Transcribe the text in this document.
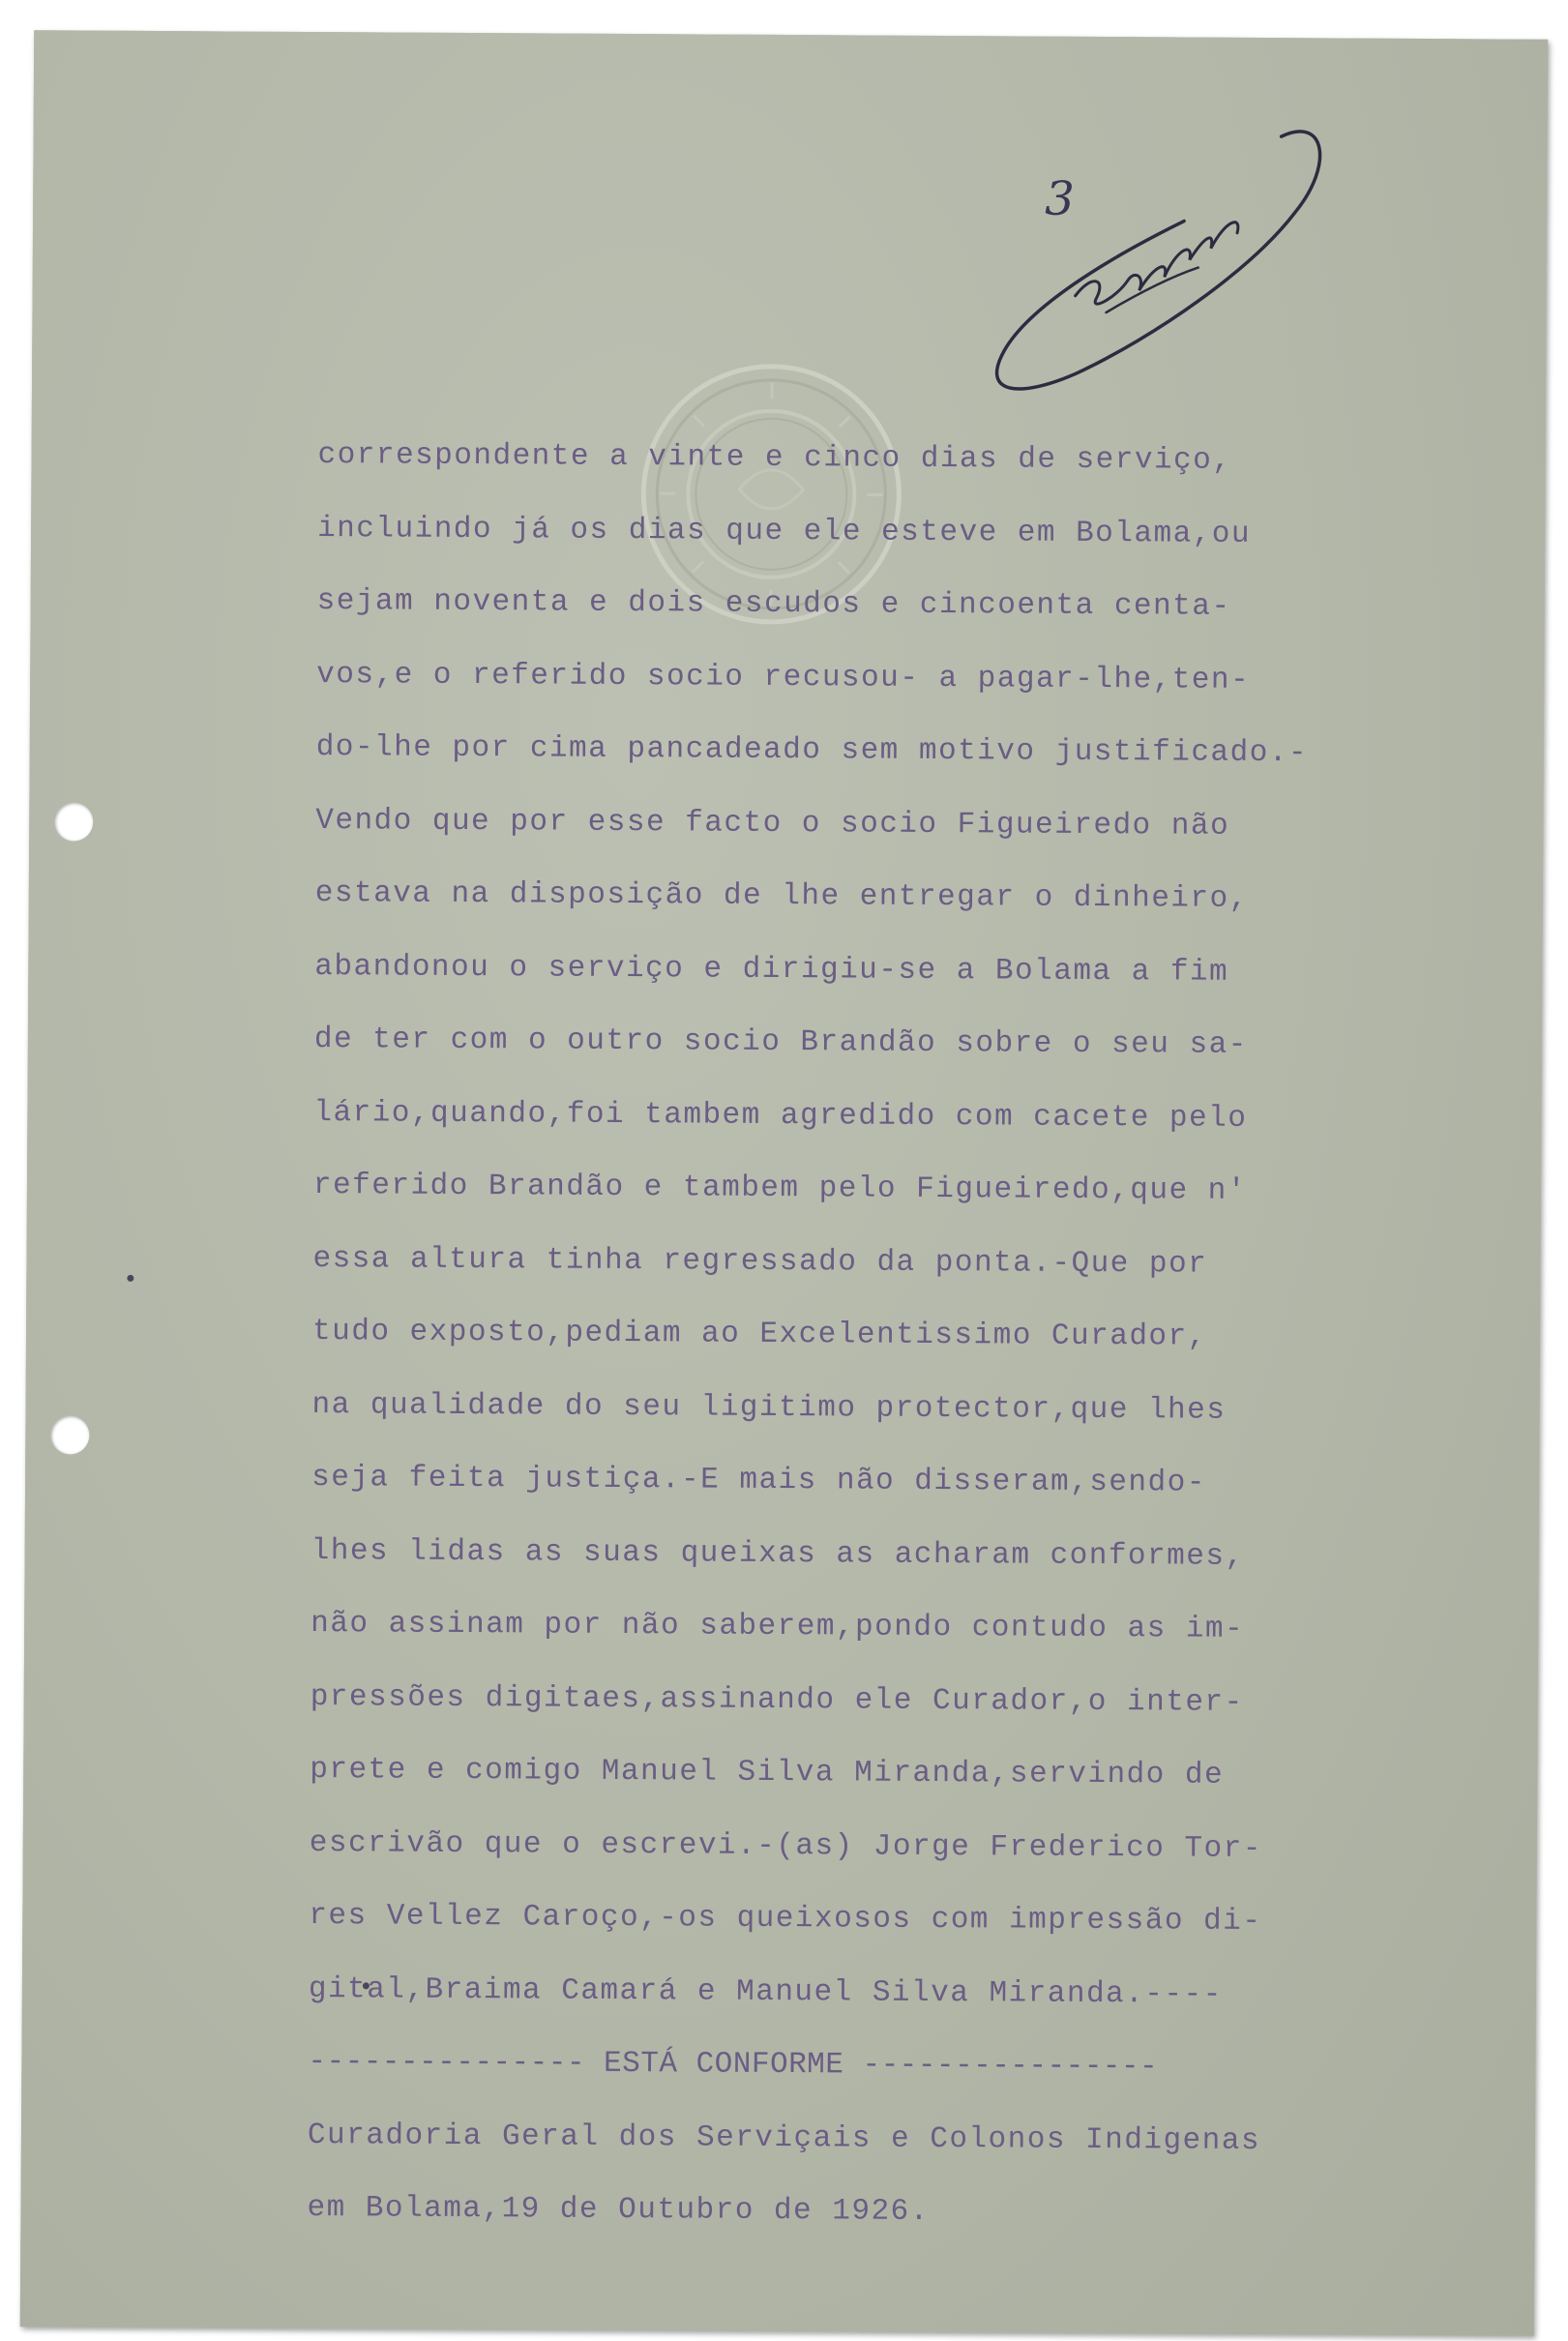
3
correspondente a vinte e cinco dias de serviço,
incluindo já os dias que ele esteve em Bolama,ou
sejam noventa e dois escudos e cincoenta centa-
vos,e o referido socio recusou- a pagar-lhe,ten-
do-lhe por cima pancadeado sem motivo justificado.-
Vendo que por esse facto o socio Figueiredo não
estava na disposição de lhe entregar o dinheiro,
abandonou o serviço e dirigiu-se a Bolama a fim
de ter com o outro socio Brandão sobre o seu sa-
lário,quando,foi tambem agredido com cacete pelo
referido Brandão e tambem pelo Figueiredo,que n'
essa altura tinha regressado da ponta.-Que por
tudo exposto,pediam ao Excelentissimo Curador,
na qualidade do seu ligitimo protector,que lhes
seja feita justiça.-E mais não disseram,sendo-
lhes lidas as suas queixas as acharam conformes,
não assinam por não saberem,pondo contudo as im-
pressões digitaes,assinando ele Curador,o inter-
prete e comigo Manuel Silva Miranda,servindo de
escrivão que o escrevi.-(as) Jorge Frederico Tor-
res Vellez Caroço,-os queixosos com impressão di-
gital,Braima Camará e Manuel Silva Miranda.----
--------------- ESTÁ CONFORME ----------------
Curadoria Geral dos Serviçais e Colonos Indigenas
em Bolama,19 de Outubro de 1926.
